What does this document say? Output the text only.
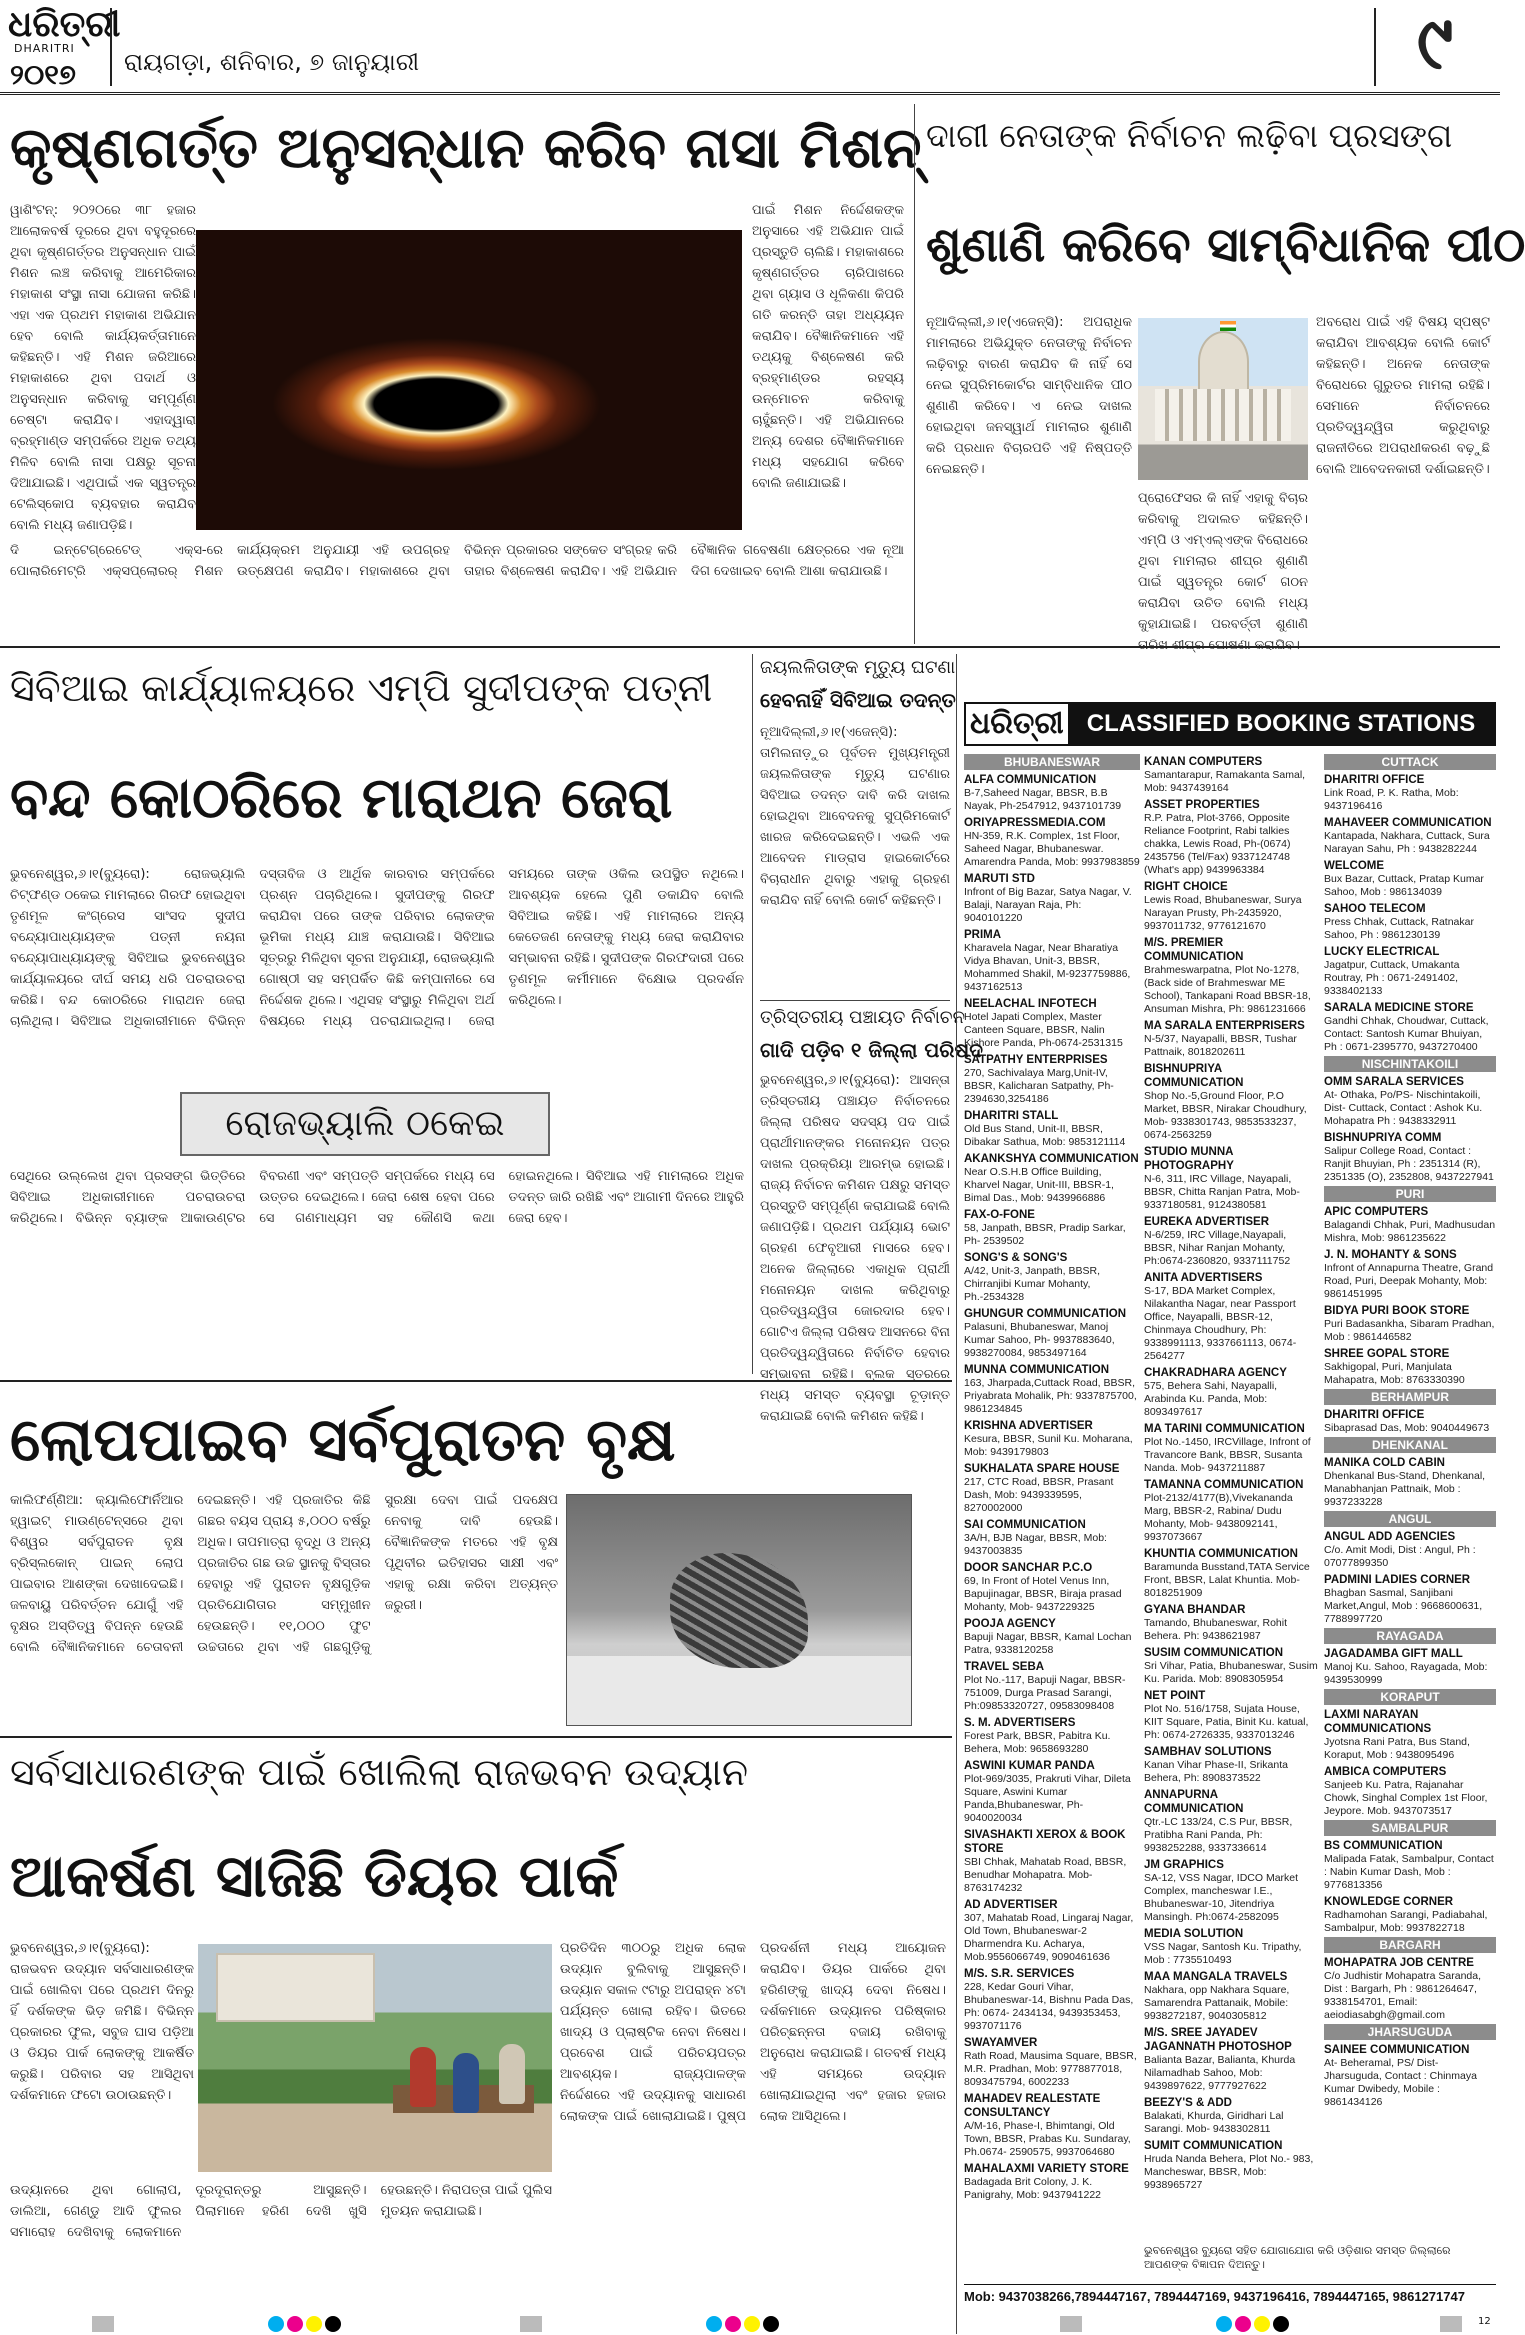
ଧରିତ୍ରୀ
DHARITRI
୨୦୧୭ ରାୟଗଡ଼ା, ଶନିବାର, ୭ ଜାନୁୟାରୀ	୯
କୃଷ୍ଣଗର୍ତ୍ତ ଅନୁସନ୍ଧାନ କରିବ ନାସା ମିଶନ୍
ୱାଶିଂଟନ୍: ୨୦୨୦ରେ ୩୮ ହଜାର ଆଲୋକବର୍ଷ ଦୂରରେ ଥିବା ବହୁଦୂରରେ ଥିବା କୃଷ୍ଣଗର୍ତ୍ତର ଅନୁସନ୍ଧାନ ପାଇଁ ମିଶନ ଲଞ୍ଚ କରିବାକୁ ଆମେରିକାର ମହାକାଶ ସଂସ୍ଥା ନାସା ଯୋଜନା କରିଛି। ଏହା ଏକ ପ୍ରଥମ ମହାକାଶ ଅଭିଯାନ ହେବ ବୋଲି କାର୍ଯ୍ୟକର୍ତ୍ତାମାନେ କହିଛନ୍ତି। ଏହି ମିଶନ ଜରିଆରେ ମହାକାଶରେ ଥିବା ପଦାର୍ଥ ଓ ଅନୁସନ୍ଧାନ କରିବାକୁ ସମ୍ପୂର୍ଣ୍ଣ ଚେଷ୍ଟା କରାଯିବ। ଏହାଦ୍ୱାରା ବ୍ରହ୍ମାଣ୍ଡ ସମ୍ପର୍କରେ ଅଧିକ ତଥ୍ୟ ମିଳିବ ବୋଲି ନାସା ପକ୍ଷରୁ ସୂଚନା ଦିଆଯାଇଛି। ଏଥିପାଇଁ ଏକ ସ୍ୱତନ୍ତ୍ର ଟେଲିସ୍କୋପ ବ୍ୟବହାର କରାଯିବ ବୋଲି ମଧ୍ୟ ଜଣାପଡ଼ିଛି।
ପାଇଁ ମିଶନ ନିର୍ଦ୍ଦେଶକଙ୍କ ଅନୁସାରେ ଏହି ଅଭିଯାନ ପାଇଁ ପ୍ରସ୍ତୁତି ଚାଲିଛି। ମହାକାଶରେ କୃଷ୍ଣଗର୍ତ୍ତର ଚାରିପାଖରେ ଥିବା ଗ୍ୟାସ ଓ ଧୂଳିକଣା କିପରି ଗତି କରନ୍ତି ତାହା ଅଧ୍ୟୟନ କରାଯିବ। ବୈଜ୍ଞାନିକମାନେ ଏହି ତଥ୍ୟକୁ ବିଶ୍ଳେଷଣ କରି ବ୍ରହ୍ମାଣ୍ଡର ରହସ୍ୟ ଉନ୍ମୋଚନ କରିବାକୁ ଚାହୁଁଛନ୍ତି। ଏହି ଅଭିଯାନରେ ଅନ୍ୟ ଦେଶର ବୈଜ୍ଞାନିକମାନେ ମଧ୍ୟ ସହଯୋଗ କରିବେ ବୋଲି ଜଣାଯାଇଛି।
ଦି ଇନ୍ଟେଗ୍ରେଟେଡ୍ ଏକ୍ସ-ରେ ପୋଲାରିମେଟ୍ରି ଏକ୍ସପ୍ଲୋରର୍ ମିଶନ କାର୍ଯ୍ୟକ୍ରମ ଅନୁଯାୟୀ ଏହି ଉପଗ୍ରହ ଉତ୍କ୍ଷେପଣ କରାଯିବ। ମହାକାଶରେ ଥିବା ବିଭିନ୍ନ ପ୍ରକାରର ସଙ୍କେତ ସଂଗ୍ରହ କରି ତାହାର ବିଶ୍ଳେଷଣ କରାଯିବ। ଏହି ଅଭିଯାନ ବୈଜ୍ଞାନିକ ଗବେଷଣା କ୍ଷେତ୍ରରେ ଏକ ନୂଆ ଦିଗ ଦେଖାଇବ ବୋଲି ଆଶା କରାଯାଉଛି।
ଦାଗୀ ନେତାଙ୍କ ନିର୍ବାଚନ ଲଢ଼ିବା ପ୍ରସଙ୍ଗ
ଶୁଣାଣି କରିବେ ସାମ୍ବିଧାନିକ ପୀଠ
ନୂଆଦିଲ୍ଲୀ,୬।୧(ଏଜେନ୍ସି): ଅପରାଧିକ ମାମଲାରେ ଅଭିଯୁକ୍ତ ନେତାଙ୍କୁ ନିର୍ବାଚନ ଲଢ଼ିବାରୁ ବାରଣ କରାଯିବ କି ନାହିଁ ସେ ନେଇ ସୁପ୍ରିମକୋର୍ଟର ସାମ୍ବିଧାନିକ ପୀଠ ଶୁଣାଣି କରିବେ। ଏ ନେଇ ଦାଖଲ ହୋଇଥିବା ଜନସ୍ୱାର୍ଥ ମାମଲାର ଶୁଣାଣି କରି ପ୍ରଧାନ ବିଚାରପତି ଏହି ନିଷ୍ପତ୍ତି ନେଇଛନ୍ତି।
ଅବରୋଧ ପାଇଁ ଏହି ବିଷୟ ସ୍ପଷ୍ଟ କରାଯିବା ଆବଶ୍ୟକ ବୋଲି କୋର୍ଟ କହିଛନ୍ତି। ଅନେକ ନେତାଙ୍କ ବିରୋଧରେ ଗୁରୁତର ମାମଲା ରହିଛି। ସେମାନେ ନିର୍ବାଚନରେ ପ୍ରତିଦ୍ୱନ୍ଦ୍ୱିତା କରୁଥିବାରୁ ରାଜନୀତିରେ ଅପରାଧୀକରଣ ବଢ଼ୁଛି ବୋଲି ଆବେଦନକାରୀ ଦର୍ଶାଇଛନ୍ତି।
ପ୍ରୋଫେସର କି ନାହିଁ ଏହାକୁ ବିଚାର କରିବାକୁ ଅଦାଲତ କହିଛନ୍ତି। ଏମ୍ପି ଓ ଏମ୍‌ଏଲ୍‌ଏଙ୍କ ବିରୋଧରେ ଥିବା ମାମଲାର ଶୀଘ୍ର ଶୁଣାଣି ପାଇଁ ସ୍ୱତନ୍ତ୍ର କୋର୍ଟ ଗଠନ କରାଯିବା ଉଚିତ ବୋଲି ମଧ୍ୟ କୁହାଯାଇଛି। ପରବର୍ତ୍ତୀ ଶୁଣାଣି ତାରିଖ ଶୀଘ୍ର ଘୋଷଣା କରାଯିବ।
ସିବିଆଇ କାର୍ଯ୍ୟାଳୟରେ ଏମ୍ପି ସୁଦୀପଙ୍କ ପତ୍ନୀ
ବନ୍ଦ କୋଠରିରେ ମାରାଥନ ଜେରା
ଭୁବନେଶ୍ୱର,୬।୧(ବ୍ୟୁରୋ): ରୋଜଭ୍ୟାଲି ଚିଟ୍‌ଫଣ୍ଡ ଠକେଇ ମାମଲାରେ ଗିରଫ ହୋଇଥିବା ତୃଣମୂଳ କଂଗ୍ରେସ ସାଂସଦ ସୁଦୀପ ବନ୍ଦ୍ୟୋପାଧ୍ୟାୟଙ୍କ ପତ୍ନୀ ନୟନା ବନ୍ଦ୍ୟୋପାଧ୍ୟାୟଙ୍କୁ ସିବିଆଇ ଭୁବନେଶ୍ୱର କାର୍ଯ୍ୟାଳୟରେ ଦୀର୍ଘ ସମୟ ଧରି ପଚରାଉଚରା କରିଛି। ବନ୍ଦ କୋଠରିରେ ମାରାଥନ ଜେରା ଚାଲିଥିଲା। ସିବିଆଇ ଅଧିକାରୀମାନେ ବିଭିନ୍ନ ଦସ୍ତାବିଜ ଓ ଆର୍ଥିକ କାରବାର ସମ୍ପର୍କରେ ପ୍ରଶ୍ନ ପଚାରିଥିଲେ। ସୁଦୀପଙ୍କୁ ଗିରଫ କରାଯିବା ପରେ ତାଙ୍କ ପରିବାର ଲୋକଙ୍କ ଭୂମିକା ମଧ୍ୟ ଯାଞ୍ଚ କରାଯାଉଛି। ସିବିଆଇ ସୂତ୍ରରୁ ମିଳିଥିବା ସୂଚନା ଅନୁଯାୟୀ, ରୋଜଭ୍ୟାଲି ଗୋଷ୍ଠୀ ସହ ସମ୍ପର୍କିତ କିଛି କମ୍ପାନୀରେ ସେ ନିର୍ଦ୍ଦେଶକ ଥିଲେ। ଏଥିସହ ସଂସ୍ଥାରୁ ମିଳିଥିବା ଅର୍ଥ ବିଷୟରେ ମଧ୍ୟ ପଚରାଯାଇଥିଲା। ଜେରା ସମୟରେ ତାଙ୍କ ଓକିଲ ଉପସ୍ଥିତ ନଥିଲେ। ଆବଶ୍ୟକ ହେଲେ ପୁଣି ଡକାଯିବ ବୋଲି ସିବିଆଇ କହିଛି। ଏହି ମାମଲାରେ ଅନ୍ୟ କେତେଜଣ ନେତାଙ୍କୁ ମଧ୍ୟ ଜେରା କରାଯିବାର ସମ୍ଭାବନା ରହିଛି। ସୁଦୀପଙ୍କ ଗିରଫଦାରୀ ପରେ ତୃଣମୂଳ କର୍ମୀମାନେ ବିକ୍ଷୋଭ ପ୍ରଦର୍ଶନ କରିଥିଲେ।
ରୋଜଭ୍ୟାଲି ଠକେଇ
ସେଥିରେ ଉଲ୍ଲେଖ ଥିବା ପ୍ରସଙ୍ଗ ଭିତ୍ତିରେ ସିବିଆଇ ଅଧିକାରୀମାନେ ପଚରାଉଚରା କରିଥିଲେ। ବିଭିନ୍ନ ବ୍ୟାଙ୍କ ଆକାଉଣ୍ଟର ବିବରଣୀ ଏବଂ ସମ୍ପତ୍ତି ସମ୍ପର୍କରେ ମଧ୍ୟ ସେ ଉତ୍ତର ଦେଇଥିଲେ। ଜେରା ଶେଷ ହେବା ପରେ ସେ ଗଣମାଧ୍ୟମ ସହ କୌଣସି କଥା ହୋଇନଥିଲେ। ସିବିଆଇ ଏହି ମାମଲାରେ ଅଧିକ ତଦନ୍ତ ଜାରି ରଖିଛି ଏବଂ ଆଗାମୀ ଦିନରେ ଆହୁରି ଜେରା ହେବ।
ଜୟଲଳିତାଙ୍କ ମୃତ୍ୟୁ ଘଟଣା
ହେବନାହିଁ ସିବିଆଇ ତଦନ୍ତ
ନୂଆଦିଲ୍ଲୀ,୬।୧(ଏଜେନ୍ସି): ତାମିଲନାଡ଼ୁର ପୂର୍ବତନ ମୁଖ୍ୟମନ୍ତ୍ରୀ ଜୟଲଳିତାଙ୍କ ମୃତ୍ୟୁ ଘଟଣାର ସିବିଆଇ ତଦନ୍ତ ଦାବି କରି ଦାଖଲ ହୋଇଥିବା ଆବେଦନକୁ ସୁପ୍ରିମକୋର୍ଟ ଖାରଜ କରିଦେଇଛନ୍ତି। ଏଭଳି ଏକ ଆବେଦନ ମାଡ୍ରାସ ହାଇକୋର୍ଟରେ ବିଚାରାଧୀନ ଥିବାରୁ ଏହାକୁ ଗ୍ରହଣ କରାଯିବ ନାହିଁ ବୋଲି କୋର୍ଟ କହିଛନ୍ତି।
ତ୍ରିସ୍ତରୀୟ ପଞ୍ଚାୟତ ନିର୍ବାଚନ
ଗାଦି ପଡ଼ିବ ୧ ଜିଲ୍ଲା ପରିଷଦ
ଭୁବନେଶ୍ୱର,୬।୧(ବ୍ୟୁରୋ): ଆସନ୍ତା ତ୍ରିସ୍ତରୀୟ ପଞ୍ଚାୟତ ନିର୍ବାଚନରେ ଜିଲ୍ଲା ପରିଷଦ ସଦସ୍ୟ ପଦ ପାଇଁ ପ୍ରାର୍ଥୀମାନଙ୍କର ମନୋନୟନ ପତ୍ର ଦାଖଲ ପ୍ରକ୍ରିୟା ଆରମ୍ଭ ହୋଇଛି। ରାଜ୍ୟ ନିର୍ବାଚନ କମିଶନ ପକ୍ଷରୁ ସମସ୍ତ ପ୍ରସ୍ତୁତି ସମ୍ପୂର୍ଣ୍ଣ କରାଯାଇଛି ବୋଲି ଜଣାପଡ଼ିଛି। ପ୍ରଥମ ପର୍ଯ୍ୟାୟ ଭୋଟ ଗ୍ରହଣ ଫେବୃଆରୀ ମାସରେ ହେବ। ଅନେକ ଜିଲ୍ଲାରେ ଏକାଧିକ ପ୍ରାର୍ଥୀ ମନୋନୟନ ଦାଖଲ କରିଥିବାରୁ ପ୍ରତିଦ୍ୱନ୍ଦ୍ୱିତା ଜୋରଦାର ହେବ। ଗୋଟିଏ ଜିଲ୍ଲା ପରିଷଦ ଆସନରେ ବିନା ପ୍ରତିଦ୍ୱନ୍ଦ୍ୱିତାରେ ନିର୍ବାଚିତ ହେବାର ସମ୍ଭାବନା ରହିଛି। ବ୍ଲକ ସ୍ତରରେ ମଧ୍ୟ ସମସ୍ତ ବ୍ୟବସ୍ଥା ଚୂଡ଼ାନ୍ତ କରାଯାଇଛି ବୋଲି କମିଶନ କହିଛି।
ଧରିତ୍ରୀ CLASSIFIED BOOKING STATIONS
BHUBANESWAR
ALFA COMMUNICATION
B-7,Saheed Nagar, BBSR, B.B Nayak, Ph-2547912, 9437101739
ORIYAPRESSMEDIA.COM
HN-359, R.K. Complex, 1st Floor, Saheed Nagar, Bhubaneswar. Amarendra Panda, Mob: 9937983859
MARUTI STD
Infront of Big Bazar, Satya Nagar, V. Balaji, Narayan Raja, Ph: 9040101220
PRIMA
Kharavela Nagar, Near Bharatiya Vidya Bhavan, Unit-3, BBSR, Mohammed Shakil, M-9237759886, 9437162513
NEELACHAL INFOTECH
Hotel Japati Complex, Master Canteen Square, BBSR, Nalin Kishore Panda, Ph-0674-2531315
SATPATHY ENTERPRISES
270, Sachivalaya Marg,Unit-IV, BBSR, Kalicharan Satpathy, Ph-2394630,3254186
DHARITRI STALL
Old Bus Stand, Unit-II, BBSR, Dibakar Sathua, Mob: 9853121114
AKANKSHYA COMMUNICATION
Near O.S.H.B Office Building, Kharvel Nagar, Unit-III, BBSR-1, Bimal Das., Mob: 9439966886
FAX-O-FONE
58, Janpath, BBSR, Pradip Sarkar, Ph- 2539502
SONG'S & SONG'S
A/42, Unit-3, Janpath, BBSR, Chirranjibi Kumar Mohanty, Ph.-2534328
GHUNGUR COMMUNICATION
Palasuni, Bhubaneswar, Manoj Kumar Sahoo, Ph- 9937883640, 9938270084, 9853497164
MUNNA COMMUNICATION
163, Jharpada,Cuttack Road, BBSR, Priyabrata Mohalik, Ph: 9337875700, 9861234845
KRISHNA ADVERTISER
Kesura, BBSR, Sunil Ku. Moharana, Mob: 9439179803
SUKHALATA SPARE HOUSE
217, CTC Road, BBSR, Prasant Dash, Mob: 9439339595, 8270002000
SAI COMMUNICATION
3A/H, BJB Nagar, BBSR, Mob: 9437003835
DOOR SANCHAR P.C.O
69, In Front of Hotel Venus Inn, Bapujinagar, BBSR, Biraja prasad Mohanty, Mob- 9437229325
POOJA AGENCY
Bapuji Nagar, BBSR, Kamal Lochan Patra, 9338120258
TRAVEL SEBA
Plot No.-117, Bapuji Nagar, BBSR-751009, Durga Prasad Sarangi, Ph:09853320727, 09583098408
S. M. ADVERTISERS
Forest Park, BBSR, Pabitra Ku. Behera, Mob: 9658693280
ASWINI KUMAR PANDA
Plot-969/3035, Prakruti Vihar, Dileta Square, Aswini Kumar Panda,Bhubaneswar, Ph- 9040020034
SIVASHAKTI XEROX & BOOK STORE
SBI Chhak, Mahatab Road, BBSR, Benudhar Mohapatra. Mob- 8763174232
AD ADVERTISER
307, Mahatab Road, Lingaraj Nagar, Old Town, Bhubaneswar-2 Dharmendra Ku. Acharya, Mob.9556066749, 9090461636
M/S. S.R. SERVICES
228, Kedar Gouri Vihar, Bhubaneswar-14, Bishnu Pada Das, Ph: 0674- 2434134, 9439353453, 9937071176
SWAYAMVER
Rath Road, Mausima Square, BBSR, M.R. Pradhan, Mob: 9778877018, 8093475794, 6002233
MAHADEV REALESTATE CONSULTANCY
A/M-16, Phase-I, Bhimtangi, Old Town, BBSR, Prabas Ku. Sundaray, Ph.0674- 2590575, 9937064680
MAHALAXMI VARIETY STORE
Badagada Brit Colony, J. K. Panigrahy, Mob: 9437941222
KANAN COMPUTERS
Samantarapur, Ramakanta Samal, Mob: 9437439164
ASSET PROPERTIES
R.P. Patra, Plot-3766, Opposite Reliance Footprint, Rabi talkies chakka, Lewis Road, Ph-(0674) 2435756 (Tel/Fax) 9337124748 (What's app) 9439963384
RIGHT CHOICE
Lewis Road, Bhubaneswar, Surya Narayan Prusty, Ph-2435920, 9937011732, 9776121670
M/S. PREMIER COMMUNICATION
Brahmeswarpatna, Plot No-1278, (Back side of Brahmeswar ME School), Tankapani Road BBSR-18, Ansuman Mishra, Ph: 9861231666
MA SARALA ENTERPRISERS
N-5/37, Nayapalli, BBSR, Tushar Pattnaik, 8018202611
BISHNUPRIYA COMMUNICATION
Shop No.-5,Ground Floor, P.O Market, BBSR, Nirakar Choudhury, Mob- 9338301743, 9853533237, 0674-2563259
STUDIO MUNNA PHOTOGRAPHY
N-6, 311, IRC Village, Nayapali, BBSR, Chitta Ranjan Patra, Mob-9337180581, 9124380581
EUREKA ADVERTISER
N-6/259, IRC Village,Nayapali, BBSR, Nihar Ranjan Mohanty, Ph:0674-2360820, 9337111752
ANITA ADVERTISERS
S-17, BDA Market Complex, Nilakantha Nagar, near Passport Office, Nayapalli, BBSR-12, Chinmaya Choudhury, Ph: 9338991113, 9337661113, 0674-2564277
CHAKRADHARA AGENCY
575, Behera Sahi, Nayapalli, Arabinda Ku. Panda, Mob: 8093497617
MA TARINI COMMUNICATION
Plot No.-1450, IRCVillage, Infront of Travancore Bank, BBSR, Susanta Nanda. Mob- 9437211887
TAMANNA COMMUNICATION
Plot-2132/4177(B),Vivekananda Marg, BBSR-2, Rabina/ Dudu Mohanty, Mob- 9438092141, 9937073667
KHUNTIA COMMUNICATION
Baramunda Busstand,TATA Service Front, BBSR, Lalat Khuntia. Mob- 8018251909
GYANA BHANDAR
Tamando, Bhubaneswar, Rohit Behera. Ph: 9438621987
SUSIM COMMUNICATION
Sri Vihar, Patia, Bhubaneswar, Susim Ku. Parida. Mob: 8908305954
NET POINT
Plot No. 516/1758, Sujata House, KIIT Square, Patia, Binit Ku. katual, Ph: 0674-2726335, 9337013246
SAMBHAV SOLUTIONS
Kanan Vihar Phase-II, Srikanta Behera, Ph: 8908373522
ANNAPURNA COMMUNICATION
Qtr.-LC 133/24, C.S Pur, BBSR, Pratibha Rani Panda, Ph: 9938252288, 9337336614
JM GRAPHICS
SA-12, VSS Nagar, IDCO Market Complex, mancheswar I.E., Bhubaneswar-10, Jitendriya Mansingh. Ph:0674-2582095
MEDIA SOLUTION
VSS Nagar, Santosh Ku. Tripathy, Mob : 7735510493
MAA MANGALA TRAVELS
Nakhara, opp Nakhara Square, Samarendra Pattanaik, Mobile: 9938272187, 9040305812
M/S. SREE JAYADEV JAGANNATH PHOTOSHOP
Balianta Bazar, Balianta, Khurda Nilamadhab Sahoo, Mob: 9439897622, 9777927622
BEEZY'S & ADD
Balakati, Khurda, Giridhari Lal Sarangi. Mob- 9438302811
SUMIT COMMUNICATION
Hruda Nanda Behera, Plot No.- 983, Mancheswar, BBSR, Mob: 9938965727
CUTTACK
DHARITRI OFFICE
Link Road, P. K. Ratha, Mob: 9437196416
MAHAVEER COMMUNICATION
Kantapada, Nakhara, Cuttack, Sura Narayan Sahu, Ph : 9438282244
WELCOME
Bux Bazar, Cuttack, Pratap Kumar Sahoo, Mob : 986134039
SAHOO TELECOM
Press Chhak, Cuttack, Ratnakar Sahoo, Ph : 9861230139
LUCKY ELECTRICAL
Jagatpur, Cuttack, Umakanta Routray, Ph : 0671-2491402, 9338402133
SARALA MEDICINE STORE
Gandhi Chhak, Choudwar, Cuttack, Contact: Santosh Kumar Bhuiyan, Ph : 0671-2395770, 9437270400
NISCHINTAKOILI
OMM SARALA SERVICES
At- Othaka, Po/PS- Nischintakoili, Dist- Cuttack, Contact : Ashok Ku. Mohapatra Ph : 9438332911
BISHNUPRIYA COMM
Salipur College Road, Contact : Ranjit Bhuyian, Ph : 2351314 (R), 2351335 (O), 2352808, 9437227941
PURI
APIC COMPUTERS
Balagandi Chhak, Puri, Madhusudan Mishra, Mob: 9861235622
J. N. MOHANTY & SONS
Infront of Annapurna Theatre, Grand Road, Puri, Deepak Mohanty, Mob: 9861451995
BIDYA PURI BOOK STORE
Puri Badasankha, Sibaram Pradhan, Mob : 9861446582
SHREE GOPAL STORE
Sakhigopal, Puri, Manjulata Mahapatra, Mob: 8763330390
BERHAMPUR
DHARITRI OFFICE
Sibaprasad Das, Mob: 9040449673
DHENKANAL
MANIKA COLD CABIN
Dhenkanal Bus-Stand, Dhenkanal, Manabhanjan Pattnaik, Mob : 9937233228
ANGUL
ANGUL ADD AGENCIES
C/o. Amit Modi, Dist : Angul, Ph : 07077899350
PADMINI LADIES CORNER
Bhagban Sasmal, Sanjibani Market,Angul, Mob : 9668600631, 7788997720
RAYAGADA
JAGADAMBA GIFT MALL
Manoj Ku. Sahoo, Rayagada, Mob: 9439530999
KORAPUT
LAXMI NARAYAN COMMUNICATIONS
Jyotsna Rani Patra, Bus Stand, Koraput, Mob : 9438095496
AMBICA COMPUTERS
Sanjeeb Ku. Patra, Rajanahar Chowk, Singhal Complex 1st Floor, Jeypore. Mob. 9437073517
SAMBALPUR
BS COMMUNICATION
Malipada Fatak, Sambalpur, Contact : Nabin Kumar Dash, Mob : 9776813356
KNOWLEDGE CORNER
Radhamohan Sarangi, Padiabahal, Sambalpur, Mob: 9937822718
BARGARH
MOHAPATRA JOB CENTRE
C/o Judhistir Mohapatra Saranda, Dist : Bargarh, Ph : 9861264647, 9338154701, Email: aeiodiasabgh@gmail.com
JHARSUGUDA
SAINEE COMMUNICATION
At- Beheramal, PS/ Dist- Jharsuguda, Contact : Chinmaya Kumar Dwibedy, Mobile : 9861434126
ଭୁବନେଶ୍ୱର ବ୍ୟୁରୋ ସହିତ ଯୋଗାଯୋଗ କରି ଓଡ଼ିଶାର ସମସ୍ତ ଜିଲ୍ଲାରେ ଆପଣଙ୍କ ବିଜ୍ଞାପନ ଦିଅନ୍ତୁ।
Mob: 9437038266,7894447167, 7894447169, 9437196416, 7894447165, 9861271747
ଲୋପପାଇବ ସର୍ବପୁରାତନ ବୃକ୍ଷ
କାଲିଫର୍ଣ୍ଣିଆ: କ୍ୟାଲିଫୋର୍ନିଆର ହ୍ୱାଇଟ୍ ମାଉଣ୍ଟେନ୍ସରେ ଥିବା ବିଶ୍ୱର ସର୍ବପୁରାତନ ବୃକ୍ଷ ବ୍ରିସ୍ଲକୋନ୍ ପାଇନ୍ ଲୋପ ପାଇବାର ଆଶଙ୍କା ଦେଖାଦେଇଛି। ଜଳବାୟୁ ପରିବର୍ତ୍ତନ ଯୋଗୁଁ ଏହି ବୃକ୍ଷର ଅସ୍ତିତ୍ୱ ବିପନ୍ନ ହେଉଛି ବୋଲି ବୈଜ୍ଞାନିକମାନେ ଚେତାବନୀ ଦେଇଛନ୍ତି। ଏହି ପ୍ରଜାତିର କିଛି ଗଛର ବୟସ ପ୍ରାୟ ୫,୦୦୦ ବର୍ଷରୁ ଅଧିକ। ତାପମାତ୍ରା ବୃଦ୍ଧି ଓ ଅନ୍ୟ ପ୍ରଜାତିର ଗଛ ଉଚ୍ଚ ସ୍ଥାନକୁ ବିସ୍ତାର ହେବାରୁ ଏହି ପୁରାତନ ବୃକ୍ଷଗୁଡ଼ିକ ପ୍ରତିଯୋଗିତାର ସମ୍ମୁଖୀନ ହେଉଛନ୍ତି। ୧୧,୦୦୦ ଫୁଟ ଉଚ୍ଚତାରେ ଥିବା ଏହି ଗଛଗୁଡ଼ିକୁ ସୁରକ୍ଷା ଦେବା ପାଇଁ ପଦକ୍ଷେପ ନେବାକୁ ଦାବି ହେଉଛି। ବୈଜ୍ଞାନିକଙ୍କ ମତରେ ଏହି ବୃକ୍ଷ ପୃଥିବୀର ଇତିହାସର ସାକ୍ଷୀ ଏବଂ ଏହାକୁ ରକ୍ଷା କରିବା ଅତ୍ୟନ୍ତ ଜରୁରୀ।
ସର୍ବସାଧାରଣଙ୍କ ପାଇଁ ଖୋଲିଲା ରାଜଭବନ ଉଦ୍ୟାନ
ଆକର୍ଷଣ ସାଜିଛି ଡିୟର ପାର୍କ
ଭୁବନେଶ୍ୱର,୬।୧(ବ୍ୟୁରୋ): ରାଜଭବନ ଉଦ୍ୟାନ ସର୍ବସାଧାରଣଙ୍କ ପାଇଁ ଖୋଲିବା ପରେ ପ୍ରଥମ ଦିନରୁ ହିଁ ଦର୍ଶକଙ୍କ ଭିଡ଼ ଜମିଛି। ବିଭିନ୍ନ ପ୍ରକାରର ଫୁଲ, ସବୁଜ ଘାସ ପଡ଼ିଆ ଓ ଡିୟର ପାର୍କ ଲୋକଙ୍କୁ ଆକର୍ଷିତ କରୁଛି। ପରିବାର ସହ ଆସିଥିବା ଦର୍ଶକମାନେ ଫଟୋ ଉଠାଉଛନ୍ତି।
ଉଦ୍ୟାନରେ ଥିବା ଗୋଲାପ, ଡାଲିଆ, ଗେଣ୍ଡୁ ଆଦି ଫୁଲର ସମାରୋହ ଦେଖିବାକୁ ଲୋକମାନେ ଦୂରଦୂରାନ୍ତରୁ ଆସୁଛନ୍ତି। ପିଲାମାନେ ହରିଣ ଦେଖି ଖୁସି ହେଉଛନ୍ତି। ନିରାପତ୍ତା ପାଇଁ ପୁଲିସ ମୁତୟନ କରାଯାଇଛି।
ପ୍ରତିଦିନ ୩୦୦ରୁ ଅଧିକ ଲୋକ ଉଦ୍ୟାନ ବୁଲିବାକୁ ଆସୁଛନ୍ତି। ଉଦ୍ୟାନ ସକାଳ ୯ଟାରୁ ଅପରାହ୍ନ ୪ଟା ପର୍ଯ୍ୟନ୍ତ ଖୋଲା ରହିବ। ଭିତରେ ଖାଦ୍ୟ ଓ ପ୍ଲାଷ୍ଟିକ ନେବା ନିଷେଧ। ପ୍ରବେଶ ପାଇଁ ପରିଚୟପତ୍ର ଆବଶ୍ୟକ। ରାଜ୍ୟପାଳଙ୍କ ନିର୍ଦ୍ଦେଶରେ ଏହି ଉଦ୍ୟାନକୁ ସାଧାରଣ ଲୋକଙ୍କ ପାଇଁ ଖୋଲାଯାଇଛି। ପୁଷ୍ପ ପ୍ରଦର୍ଶନୀ ମଧ୍ୟ ଆୟୋଜନ କରାଯିବ। ଡିୟର ପାର୍କରେ ଥିବା ହରିଣଙ୍କୁ ଖାଦ୍ୟ ଦେବା ନିଷେଧ। ଦର୍ଶକମାନେ ଉଦ୍ୟାନର ପରିଷ୍କାର ପରିଚ୍ଛନ୍ନତା ବଜାୟ ରଖିବାକୁ ଅନୁରୋଧ କରାଯାଇଛି। ଗତବର୍ଷ ମଧ୍ୟ ଏହି ସମୟରେ ଉଦ୍ୟାନ ଖୋଲାଯାଇଥିଲା ଏବଂ ହଜାର ହଜାର ଲୋକ ଆସିଥିଲେ।
12
